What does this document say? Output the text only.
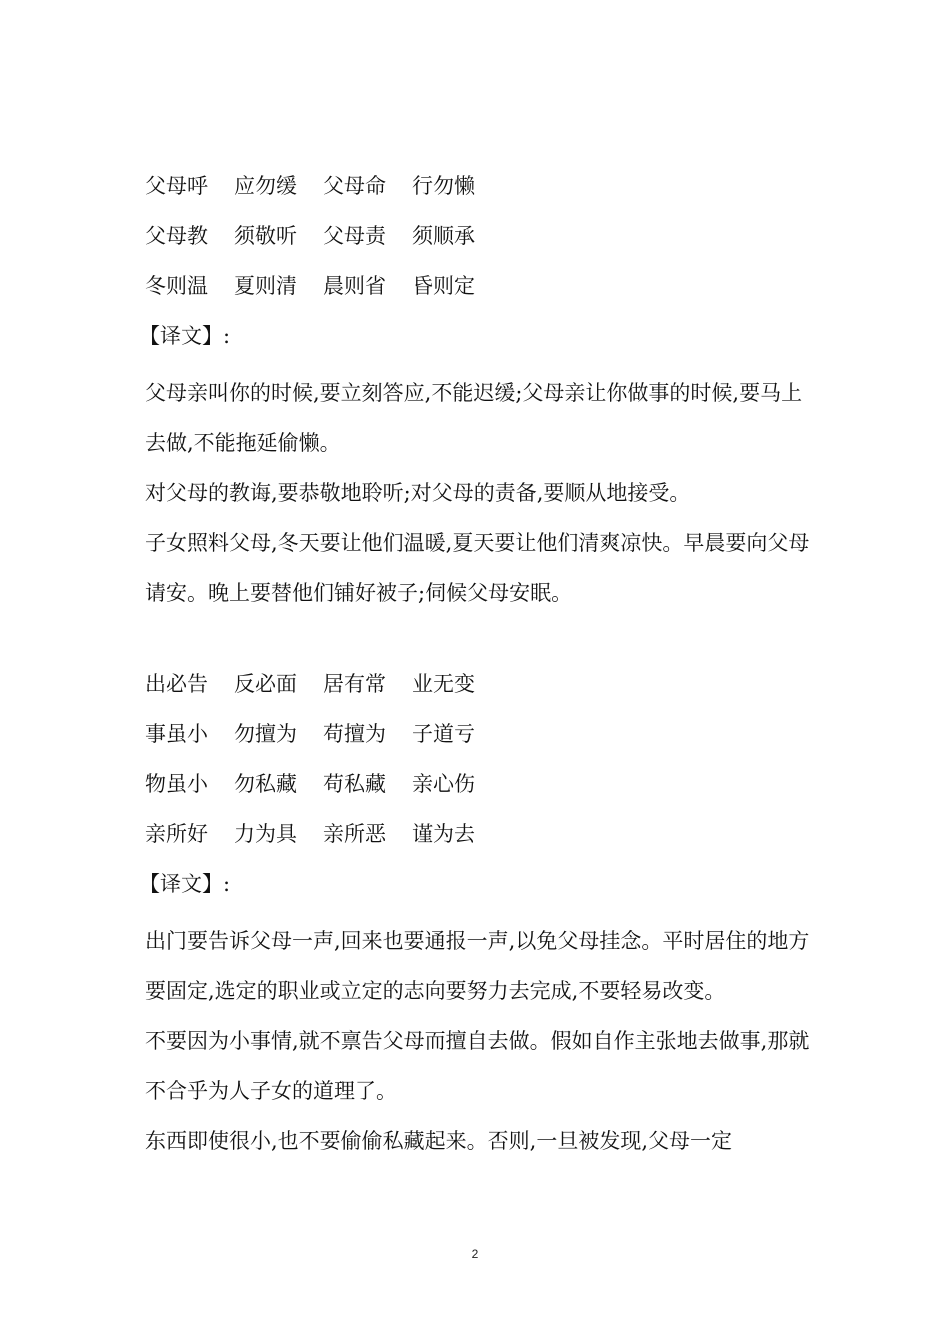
父母呼 应勿缓 父母命 行勿懒
父母教 须敬听 父母责 须顺承
冬则温 夏则清 晨则省 昏则定
【译文】:
父母亲叫你的时候,要立刻答应,不能迟缓;父母亲让你做事的时候,要马上去做,不能拖延偷懒。
对父母的教诲,要恭敬地聆听;对父母的责备,要顺从地接受。
子女照料父母,冬天要让他们温暖,夏天要让他们清爽凉快。早晨要向父母请安。晚上要替他们铺好被子;伺候父母安眠。
出必告 反必面 居有常 业无变
事虽小 勿擅为 苟擅为 子道亏
物虽小 勿私藏 苟私藏 亲心伤
亲所好 力为具 亲所恶 谨为去
【译文】:
出门要告诉父母一声,回来也要通报一声,以免父母挂念。平时居住的地方要固定,选定的职业或立定的志向要努力去完成,不要轻易改变。
不要因为小事情,就不禀告父母而擅自去做。假如自作主张地去做事,那就不合乎为人子女的道理了。
东西即使很小,也不要偷偷私藏起来。否则,一旦被发现,父母一定
2
